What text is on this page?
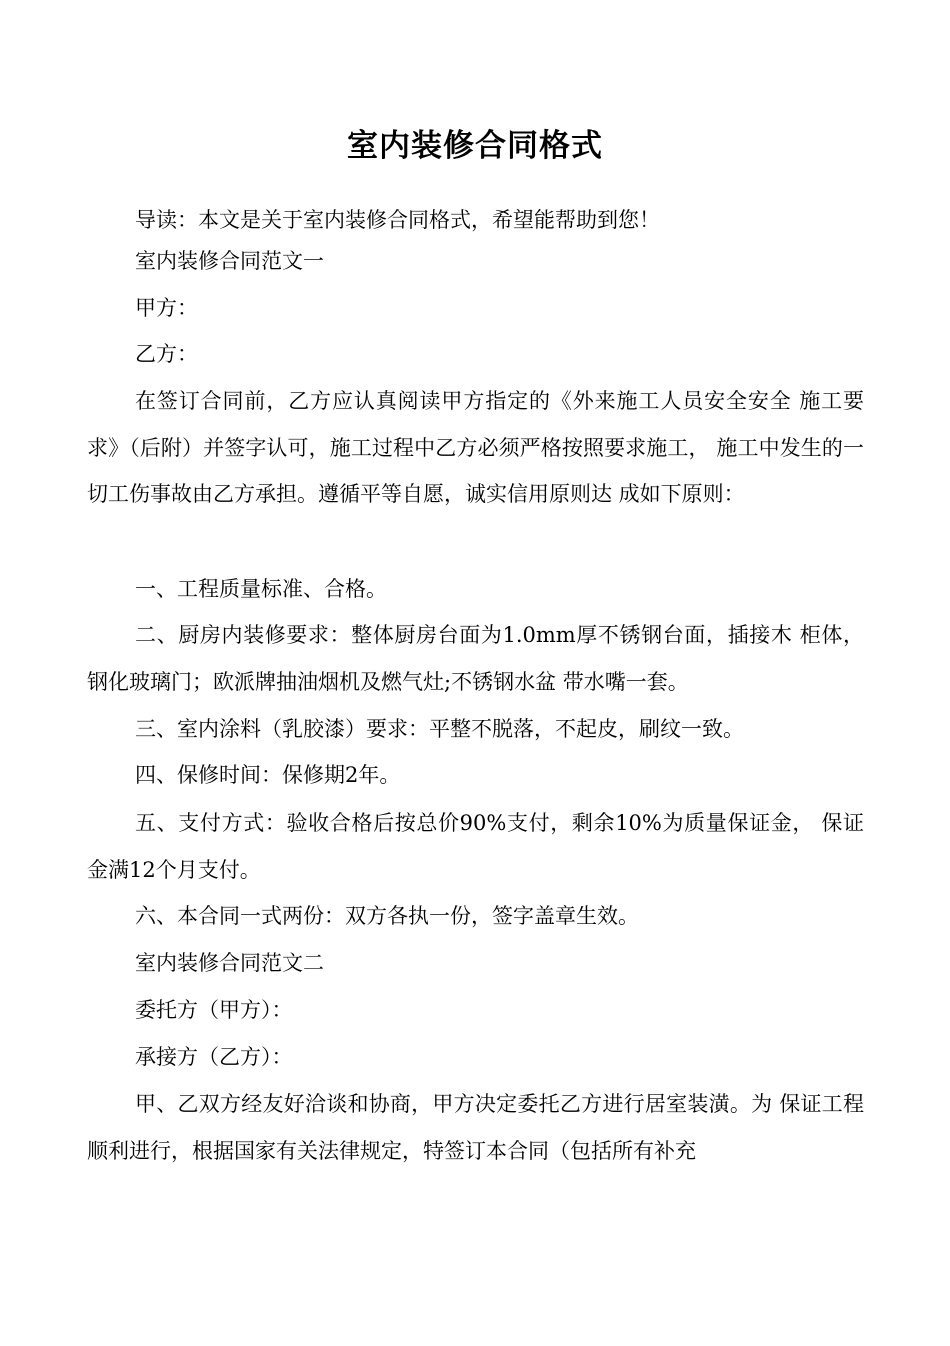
室内装修合同格式

导读：本文是关于室内装修合同格式，希望能帮助到您！

室内装修合同范文一

甲方：

乙方：

在签订合同前，乙方应认真阅读甲方指定的《外来施工人员安全安全 施工要求》（后附）并签字认可，施工过程中乙方必须严格按照要求施工， 施工中发生的一切工伤事故由乙方承担。遵循平等自愿，诚实信用原则达 成如下原则：

一、工程质量标准、合格。

二、厨房内装修要求：整体厨房台面为1.0mm厚不锈钢台面，插接木 柜体，钢化玻璃门；欧派牌抽油烟机及燃气灶;不锈钢水盆 带水嘴一套。

三、室内涂料（乳胶漆）要求：平整不脱落，不起皮，刷纹一致。

四、保修时间：保修期2年。

五、支付方式：验收合格后按总价90%支付，剩余10%为质量保证金， 保证金满12个月支付。

六、本合同一式两份：双方各执一份，签字盖章生效。

室内装修合同范文二

委托方（甲方）：

承接方（乙方）：

甲、乙双方经友好洽谈和协商，甲方决定委托乙方进行居室装潢。为 保证工程顺利进行，根据国家有关法律规定，特签订本合同（包括所有补充
